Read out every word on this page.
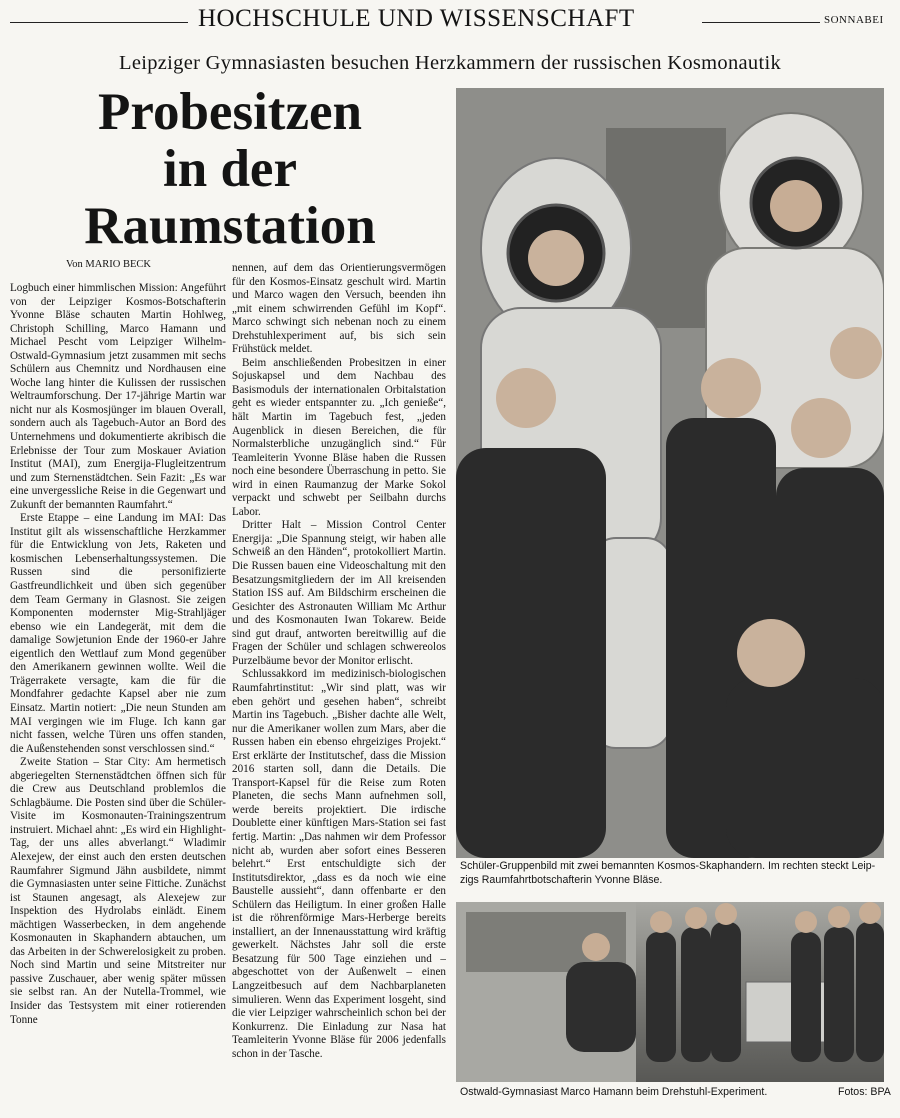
HOCHSCHULE UND WISSENSCHAFT	SONNABEI
Leipziger Gymnasiasten besuchen Herzkammern der russischen Kosmonautik
Probesitzen
in der
Raumstation
Von MARIO BECK

Logbuch einer himmlischen Mission: Angeführt von der Leipziger Kosmos-Botschafterin Yvonne Bläse schauten Martin Hohlweg, Christoph Schilling, Marco Hamann und Michael Pescht vom Leipziger Wilhelm-Ostwald-Gymnasium jetzt zusammen mit sechs Schülern aus Chemnitz und Nordhausen eine Woche lang hinter die Kulissen der russischen Weltraumforschung. Der 17-jährige Martin war nicht nur als Kosmosjünger im blauen Overall, sondern auch als Tagebuch-Autor an Bord des Unternehmens und dokumentierte akribisch die Erlebnisse der Tour zum Moskauer Aviation Institut (MAI), zum Energija-Flugleitzentrum und zum Sternenstädtchen. Sein Fazit: „Es war eine unvergessliche Reise in die Gegenwart und Zukunft der bemannten Raumfahrt.“

Erste Etappe – eine Landung im MAI: Das Institut gilt als wissenschaftliche Herzkammer für die Entwicklung von Jets, Raketen und kosmischen Lebenserhaltungssystemen. Die Russen sind die personifizierte Gastfreundlichkeit und üben sich gegenüber dem Team Germany in Glasnost. Sie zeigen Komponenten modernster Mig-Strahljäger ebenso wie ein Landegerät, mit dem die damalige Sowjetunion Ende der 1960-er Jahre eigentlich den Wettlauf zum Mond gegenüber den Amerikanern gewinnen wollte. Weil die Trägerrakete versagte, kam die für die Mondfahrer gedachte Kapsel aber nie zum Einsatz. Martin notiert: „Die neun Stunden am MAI vergingen wie im Fluge. Ich kann gar nicht fassen, welche Türen uns offen standen, die Außenstehenden sonst verschlossen sind.“

Zweite Station – Star City: Am hermetisch abgeriegelten Sternenstädtchen öffnen sich für die Crew aus Deutschland problemlos die Schlagbäume. Die Posten sind über die Schüler-Visite im Kosmonauten-Trainingszentrum instruiert. Michael ahnt: „Es wird ein Highlight-Tag, der uns alles abverlangt.“ Wladimir Alexejew, der einst auch den ersten deutschen Raumfahrer Sigmund Jähn ausbildete, nimmt die Gymnasiasten unter seine Fittiche. Zunächst ist Staunen angesagt, als Alexejew zur Inspektion des Hydrolabs einlädt. Einem mächtigen Wasserbecken, in dem angehende Kosmonauten in Skaphandern abtauchen, um das Arbeiten in der Schwerelosigkeit zu proben. Noch sind Martin und seine Mitstreiter nur passive Zuschauer, aber wenig später müssen sie selbst ran. An der Nutella-Trommel, wie Insider das Testsystem mit einer rotierenden Tonne

nennen, auf dem das Orientierungsvermögen für den Kosmos-Einsatz geschult wird. Martin und Marco wagen den Versuch, beenden ihn „mit einem schwirrenden Gefühl im Kopf“. Marco schwingt sich nebenan noch zu einem Drehstuhlexperiment auf, bis sich sein Frühstück meldet.

Beim anschließenden Probesitzen in einer Sojuskapsel und dem Nachbau des Basismoduls der internationalen Orbitalstation geht es wieder entspannter zu. „Ich genieße“, hält Martin im Tagebuch fest, „jeden Augenblick in diesen Bereichen, die für Normalsterbliche unzugänglich sind.“ Für Teamleiterin Yvonne Bläse haben die Russen noch eine besondere Überraschung in petto. Sie wird in einen Raumanzug der Marke Sokol verpackt und schwebt per Seilbahn durchs Labor.

Dritter Halt – Mission Control Center Energija: „Die Spannung steigt, wir haben alle Schweiß an den Händen“, protokolliert Martin. Die Russen bauen eine Videoschaltung mit den Besatzungsmitgliedern der im All kreisenden Station ISS auf. Am Bildschirm erscheinen die Gesichter des Astronauten William Mc Arthur und des Kosmonauten Iwan Tokarew. Beide sind gut drauf, antworten bereitwillig auf die Fragen der Schüler und schlagen schwereolos Purzelbäume bevor der Monitor erlischt.

Schlussakkord im medizinisch-biologischen Raumfahrtinstitut: „Wir sind platt, was wir eben gehört und gesehen haben“, schreibt Martin ins Tagebuch. „Bisher dachte alle Welt, nur die Amerikaner wollen zum Mars, aber die Russen haben ein ebenso ehrgeiziges Projekt.“ Erst erklärte der Institutschef, dass die Mission 2016 starten soll, dann die Details. Die Transport-Kapsel für die Reise zum Roten Planeten, die sechs Mann aufnehmen soll, werde bereits projektiert. Die irdische Doublette einer künftigen Mars-Station sei fast fertig. Martin: „Das nahmen wir dem Professor nicht ab, wurden aber sofort eines Besseren belehrt.“ Erst entschuldigte sich der Institutsdirektor, „dass es da noch wie eine Baustelle aussieht“, dann offenbarte er den Schülern das Heiligtum. In einer großen Halle ist die röhrenförmige Mars-Herberge bereits installiert, an der Innenausstattung wird kräftig gewerkelt. Nächstes Jahr soll die erste Besatzung für 500 Tage einziehen und – abgeschottet von der Außenwelt – einen Langzeitbesuch auf dem Nachbarplaneten simulieren. Wenn das Experiment losgeht, sind die vier Leipziger wahrscheinlich schon bei der Konkurrenz. Die Einladung zur Nasa hat Teamleiterin Yvonne Bläse für 2006 jedenfalls schon in der Tasche.

Schüler-Gruppenbild mit zwei bemannten Kosmos-Skaphandern. Im rechten steckt Leip-
zigs Raumfahrtbotschafterin Yvonne Bläse.
Ostwald-Gymnasiast Marco Hamann beim Drehstuhl-Experiment.	Fotos: BPA
